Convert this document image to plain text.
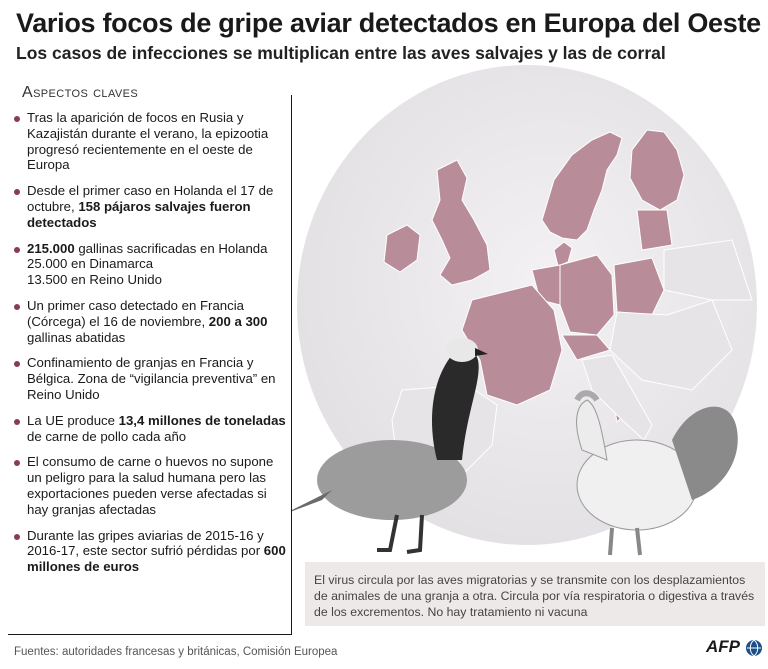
Varios focos de gripe aviar detectados en Europa del Oeste
Los casos de infecciones se multiplican entre las aves salvajes y las de corral
Aspectos claves
Tras la aparición de focos en Rusia y Kazajistán durante el verano, la epizootia progresó recientemente en el oeste de Europa
Desde el primer caso en Holanda el 17 de octubre, 158 pájaros salvajes fueron detectados
215.000 gallinas sacrificadas en Holanda
25.000 en Dinamarca
13.500 en Reino Unido
Un primer caso detectado en Francia (Córcega) el 16 de noviembre, 200 a 300 gallinas abatidas
Confinamiento de granjas en Francia y Bélgica. Zona de “vigilancia preventiva” en Reino Unido
La UE produce 13,4 millones de toneladas de carne de pollo cada año
El consumo de carne o huevos no supone un peligro para la salud humana pero las exportaciones pueden verse afectadas si hay granjas afectadas
Durante las gripes aviarias de 2015-16 y 2016-17, este sector sufrió pérdidas por 600 millones de euros
El virus circula por las aves migratorias y se transmite con los desplazamientos de animales de una granja a otra. Circula por vía respiratoria o digestiva a través de los excrementos. No hay tratamiento ni vacuna
Fuentes: autoridades francesas y británicas, Comisión Europea	AFP
